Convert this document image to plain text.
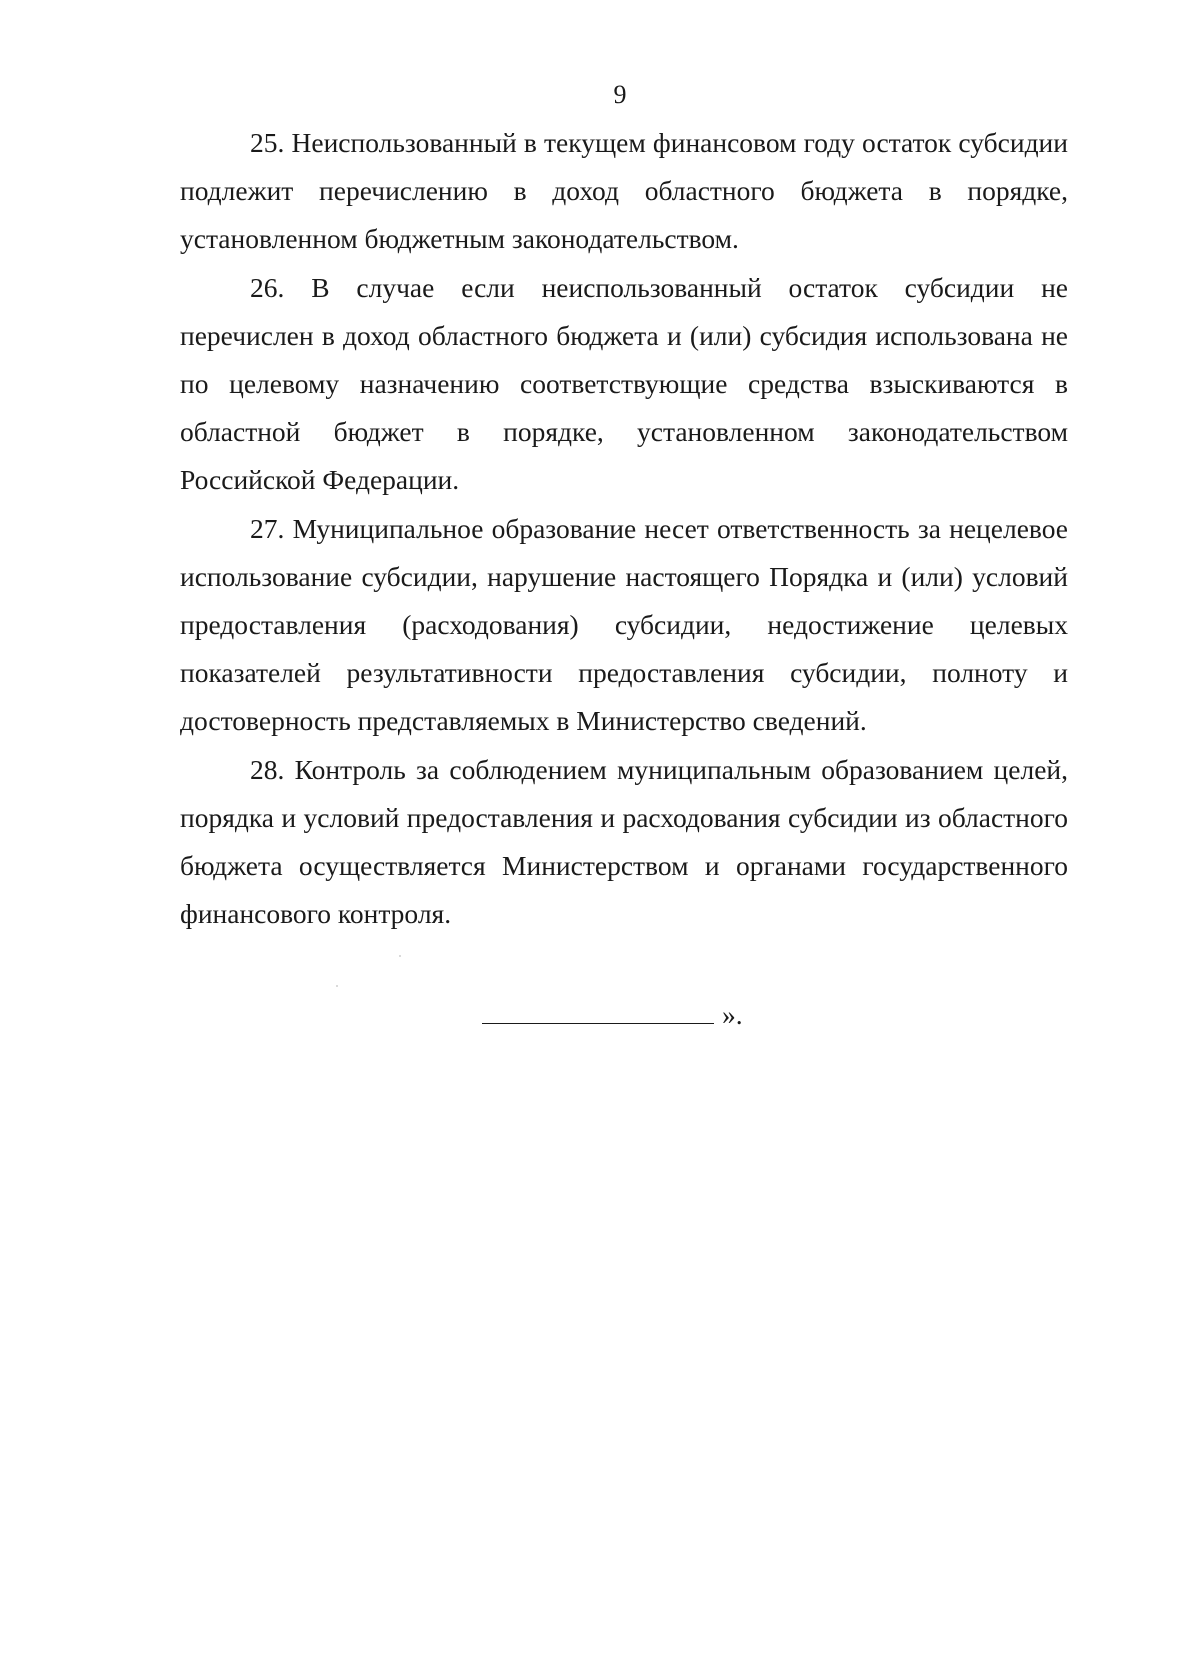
9

25. Неиспользованный в текущем финансовом году остаток субсидии подлежит перечислению в доход областного бюджета в порядке, установленном бюджетным законодательством.

26. В случае если неиспользованный остаток субсидии не перечислен в доход областного бюджета и (или) субсидия использована не по целевому назначению соответствующие средства взыскиваются в областной бюджет в порядке, установленном законодательством Российской Федерации.

27. Муниципальное образование несет ответственность за нецелевое использование субсидии, нарушение настоящего Порядка и (или) условий предоставления (расходования) субсидии, недостижение целевых показателей результативности предоставления субсидии, полноту и достоверность представляемых в Министерство сведений.

28. Контроль за соблюдением муниципальным образованием целей, порядка и условий предоставления и расходования субсидии из областного бюджета осуществляется Министерством и органами государственного финансового контроля.

».
